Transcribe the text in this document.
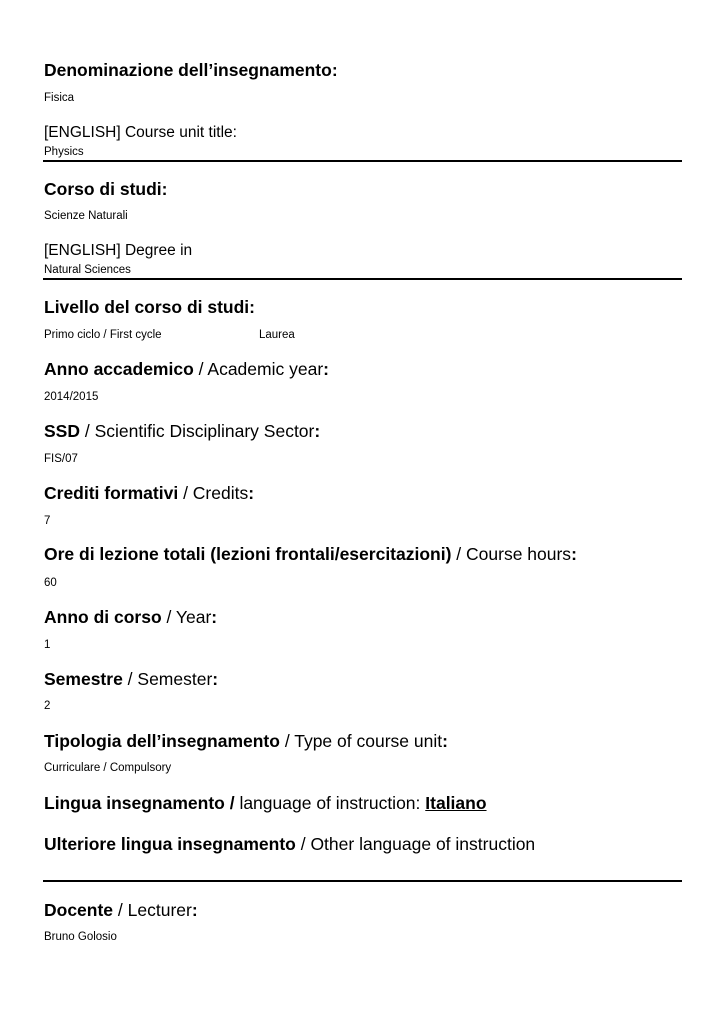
Denominazione dell’insegnamento:
Fisica
[ENGLISH] Course unit title:
Physics
Corso di studi:
Scienze Naturali
[ENGLISH] Degree in
Natural Sciences
Livello del corso di studi:
Primo ciclo / First cycle	Laurea
Anno accademico / Academic year:
2014/2015
SSD / Scientific Disciplinary Sector:
FIS/07
Crediti formativi / Credits:
7
Ore di lezione totali (lezioni frontali/esercitazioni) / Course hours:
60
Anno di corso / Year:
1
Semestre / Semester:
2
Tipologia dell’insegnamento / Type of course unit:
Curriculare / Compulsory
Lingua insegnamento / language of instruction: Italiano
Ulteriore lingua insegnamento / Other language of instruction
Docente / Lecturer:
Bruno Golosio
